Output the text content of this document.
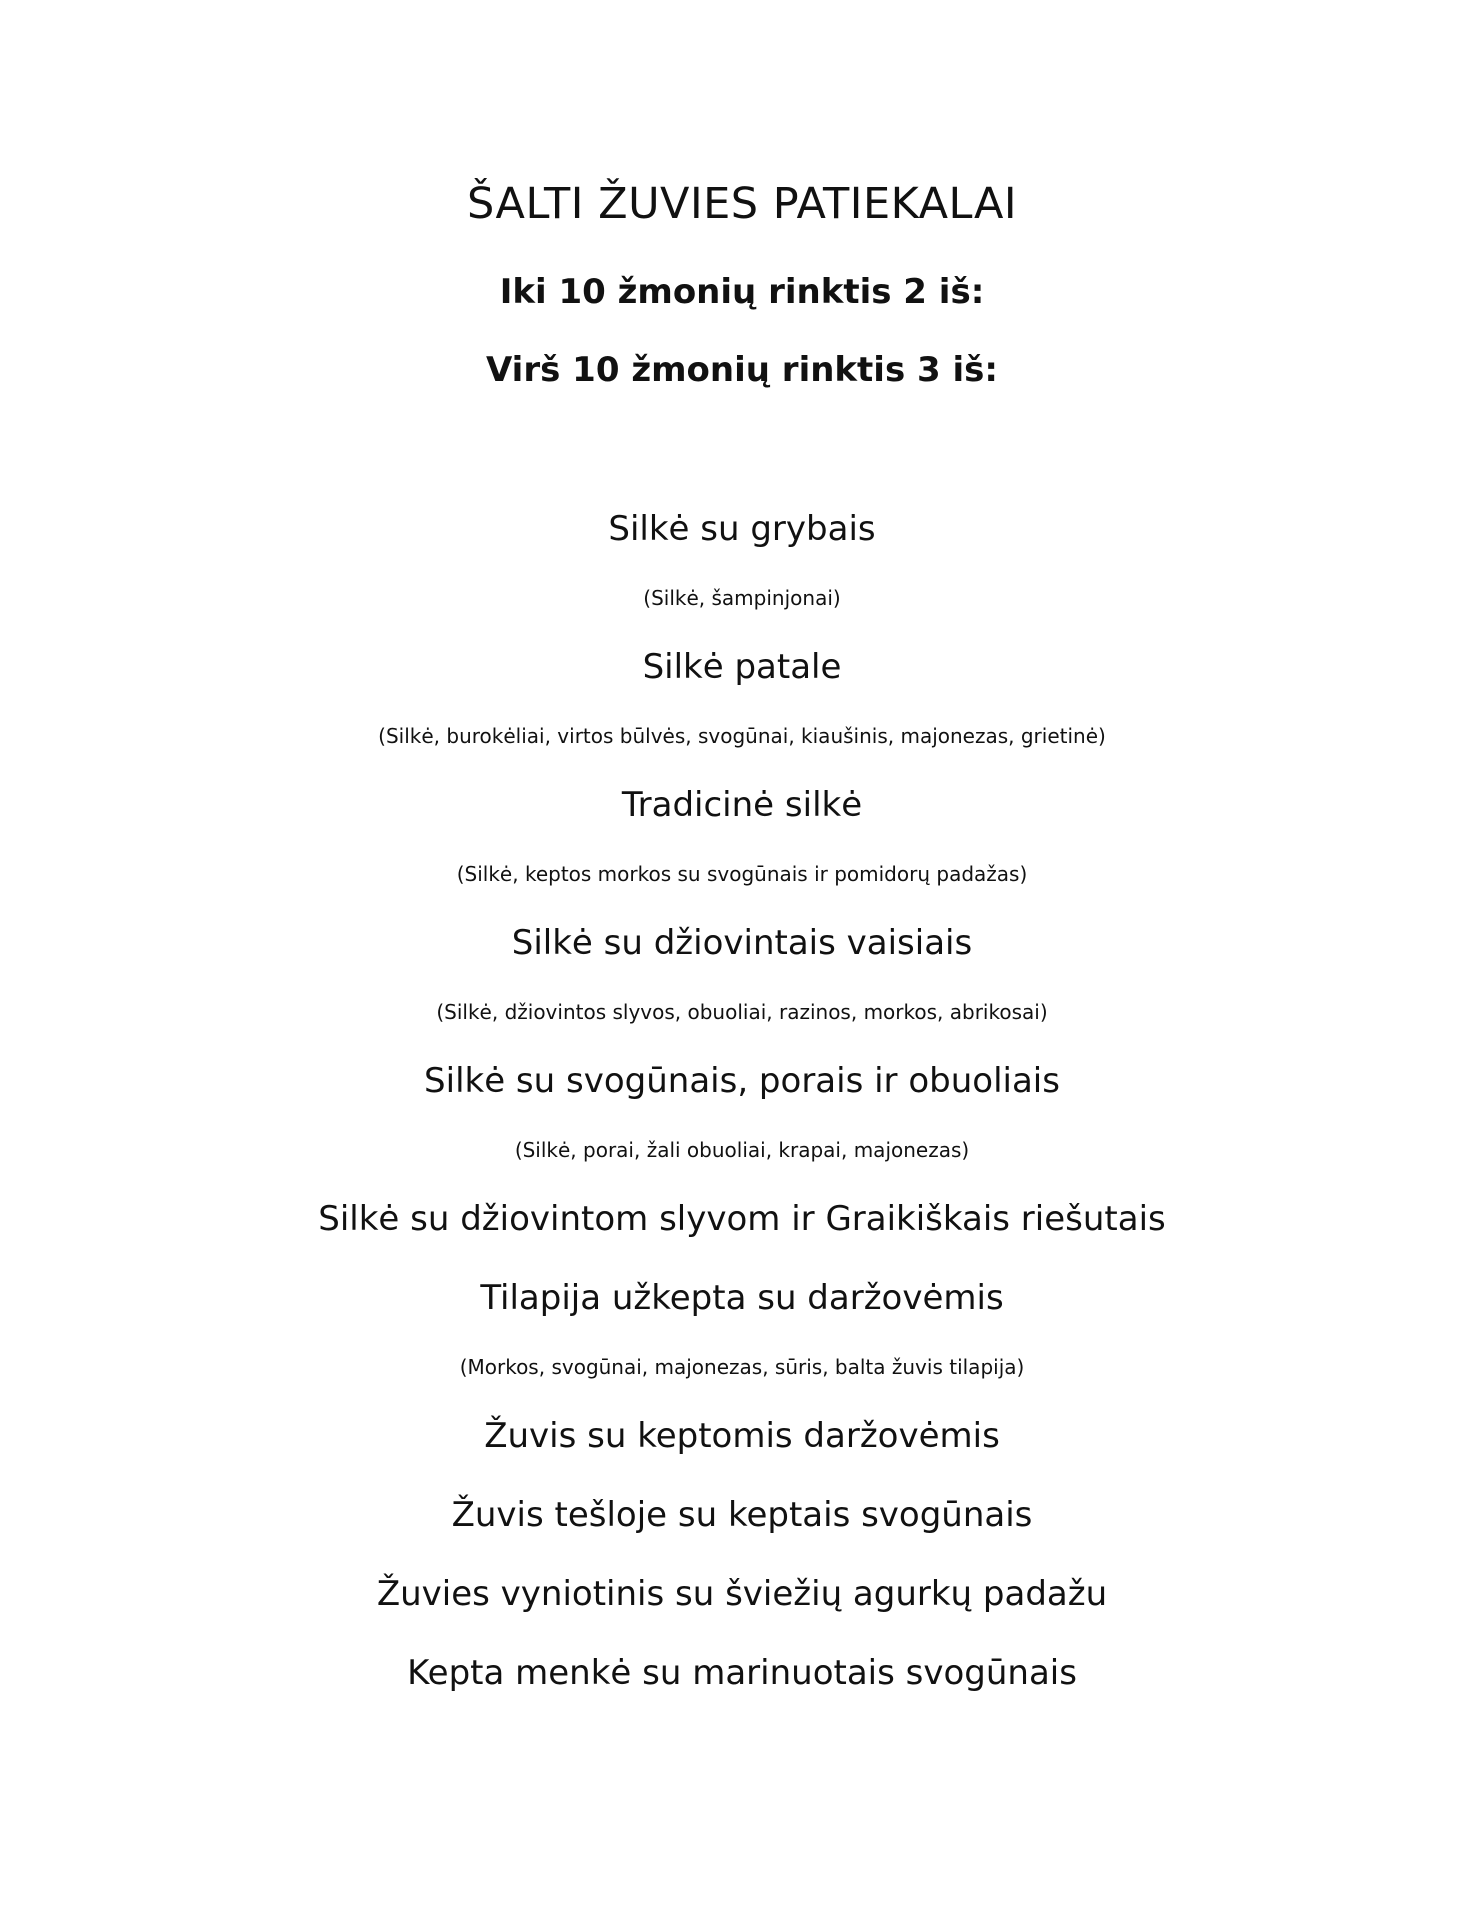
ŠALTI ŽUVIES PATIEKALAI

Iki 10 žmonių rinktis 2 iš:

Virš 10 žmonių rinktis 3 iš:

Silkė su grybais
(Silkė, šampinjonai)
Silkė patale
(Silkė, burokėliai, virtos būlvės, svogūnai, kiaušinis, majonezas, grietinė)
Tradicinė silkė
(Silkė, keptos morkos su svogūnais ir pomidorų padažas)
Silkė su džiovintais vaisiais
(Silkė, džiovintos slyvos, obuoliai, razinos, morkos, abrikosai)
Silkė su svogūnais, porais ir obuoliais
(Silkė, porai, žali obuoliai, krapai, majonezas)
Silkė su džiovintom slyvom ir Graikiškais riešutais
Tilapija užkepta su daržovėmis
(Morkos, svogūnai, majonezas, sūris, balta žuvis tilapija)
Žuvis su keptomis daržovėmis
Žuvis tešloje su keptais svogūnais
Žuvies vyniotinis su šviežių agurkų padažu
Kepta menkė su marinuotais svogūnais
